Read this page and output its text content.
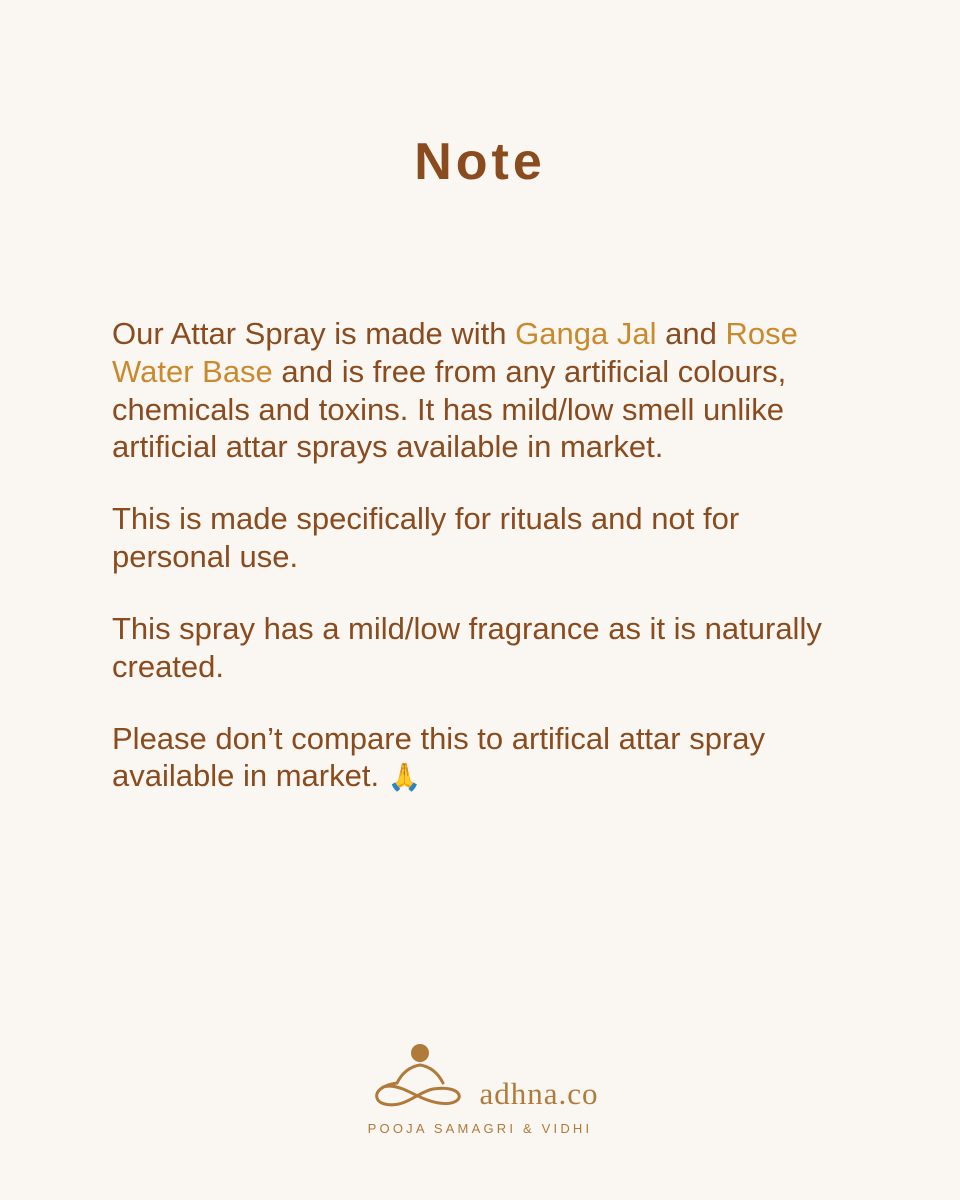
Note

Our Attar Spray is made with Ganga Jal and Rose Water Base and is free from any artificial colours, chemicals and toxins. It has mild/low smell unlike artificial attar sprays available in market.

This is made specifically for rituals and not for personal use.

This spray has a mild/low fragrance as it is naturally created.

Please don’t compare this to artifical attar spray available in market. 🙏

adhna.co
POOJA SAMAGRI & VIDHI
